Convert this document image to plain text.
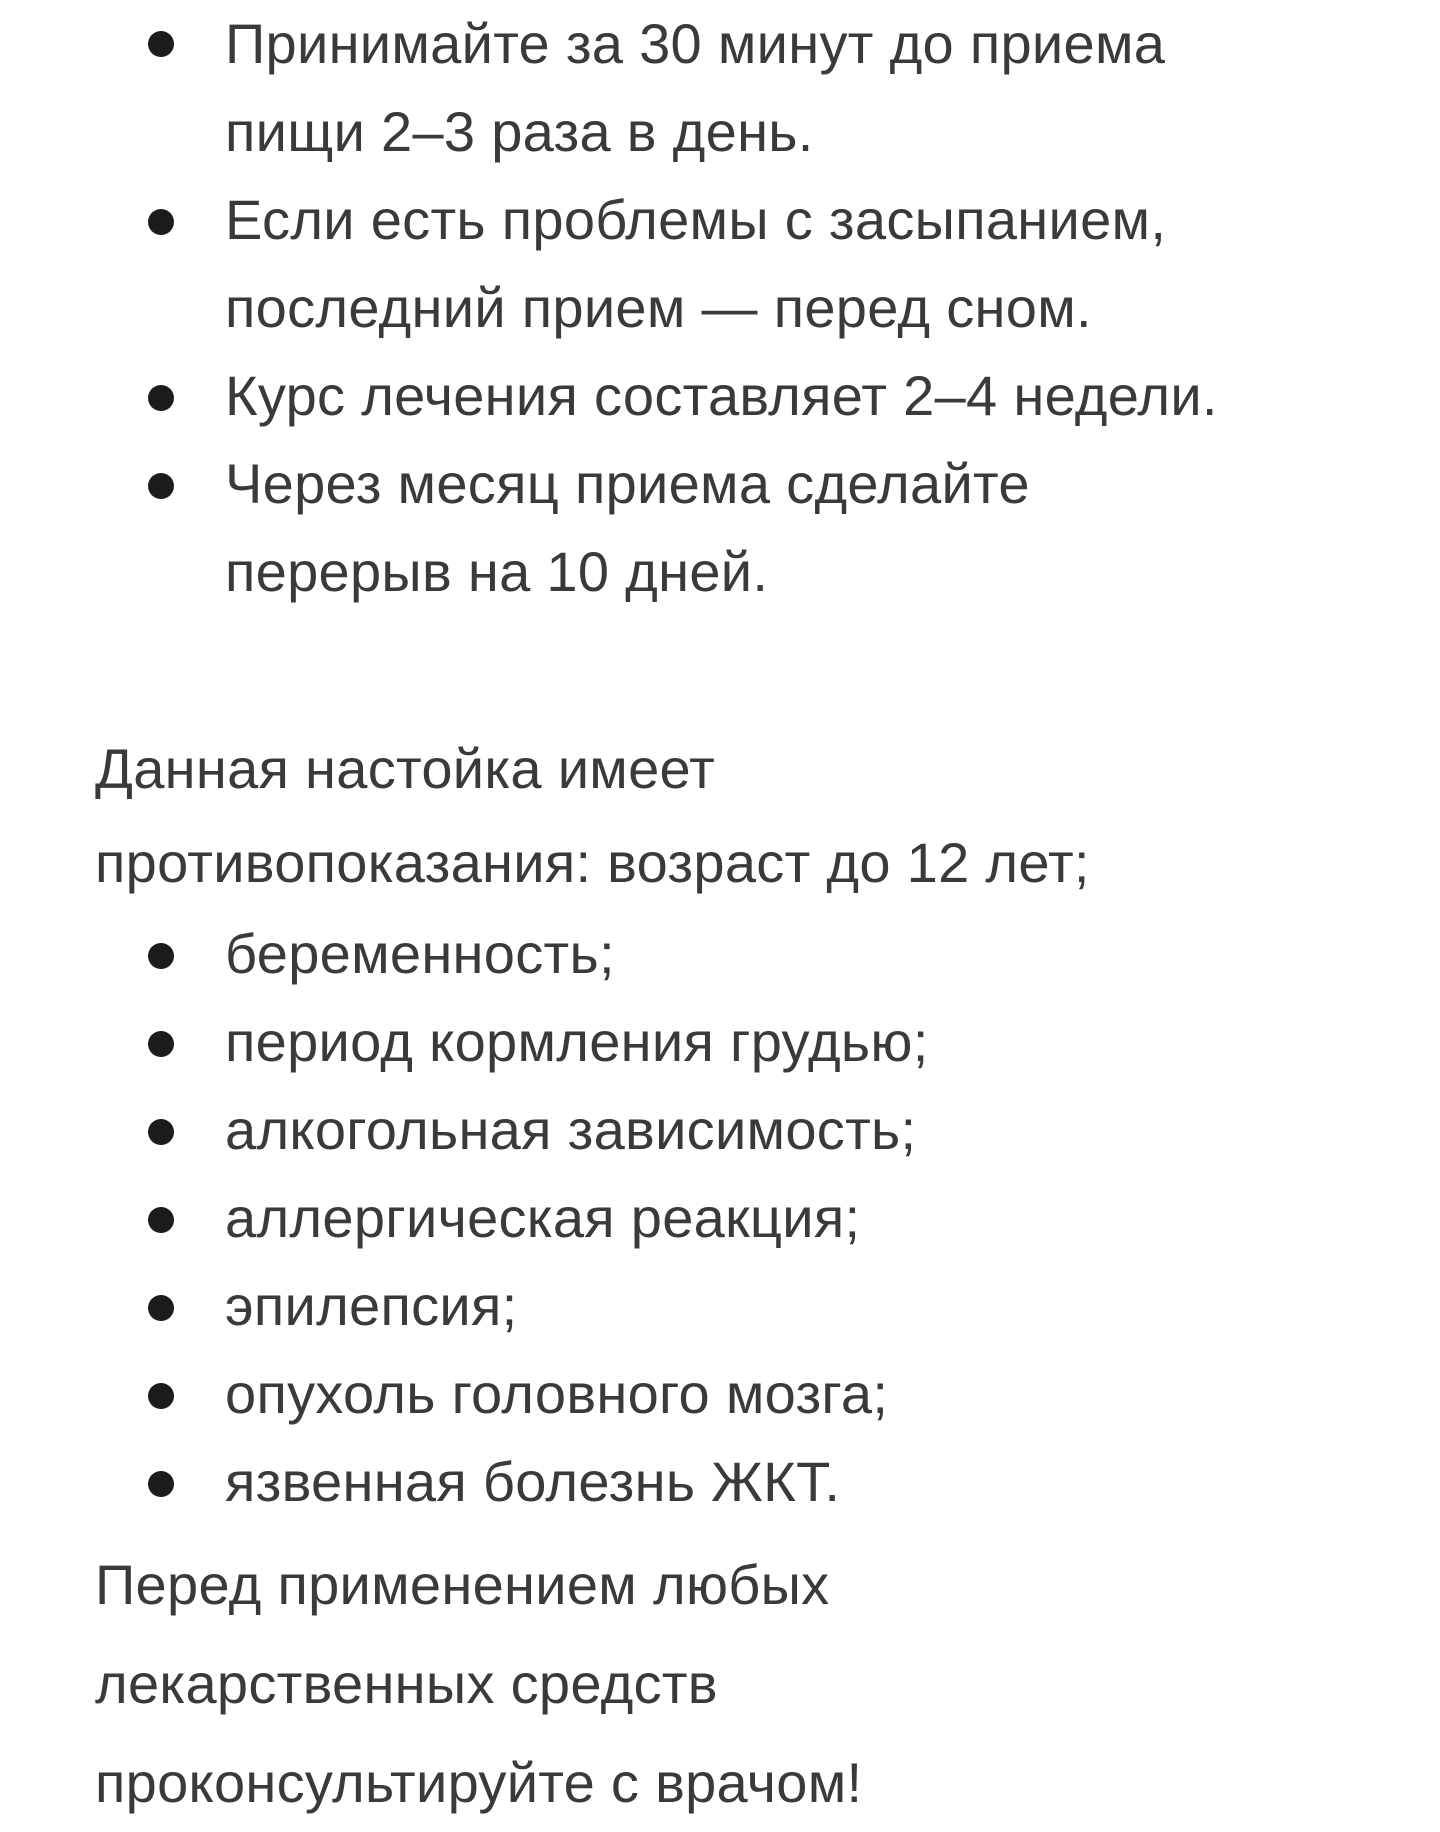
Принимайте за 30 минут до приема
пищи 2–3 раза в день.
Если есть проблемы с засыпанием,
последний прием — перед сном.
Курс лечения составляет 2–4 недели.
Через месяц приема сделайте
перерыв на 10 дней.

Данная настойка имеет
противопоказания: возраст до 12 лет;

беременность;
период кормления грудью;
алкогольная зависимость;
аллергическая реакция;
эпилепсия;
опухоль головного мозга;
язвенная болезнь ЖКТ.

Перед применением любых
лекарственных средств
проконсультируйте с врачом!
